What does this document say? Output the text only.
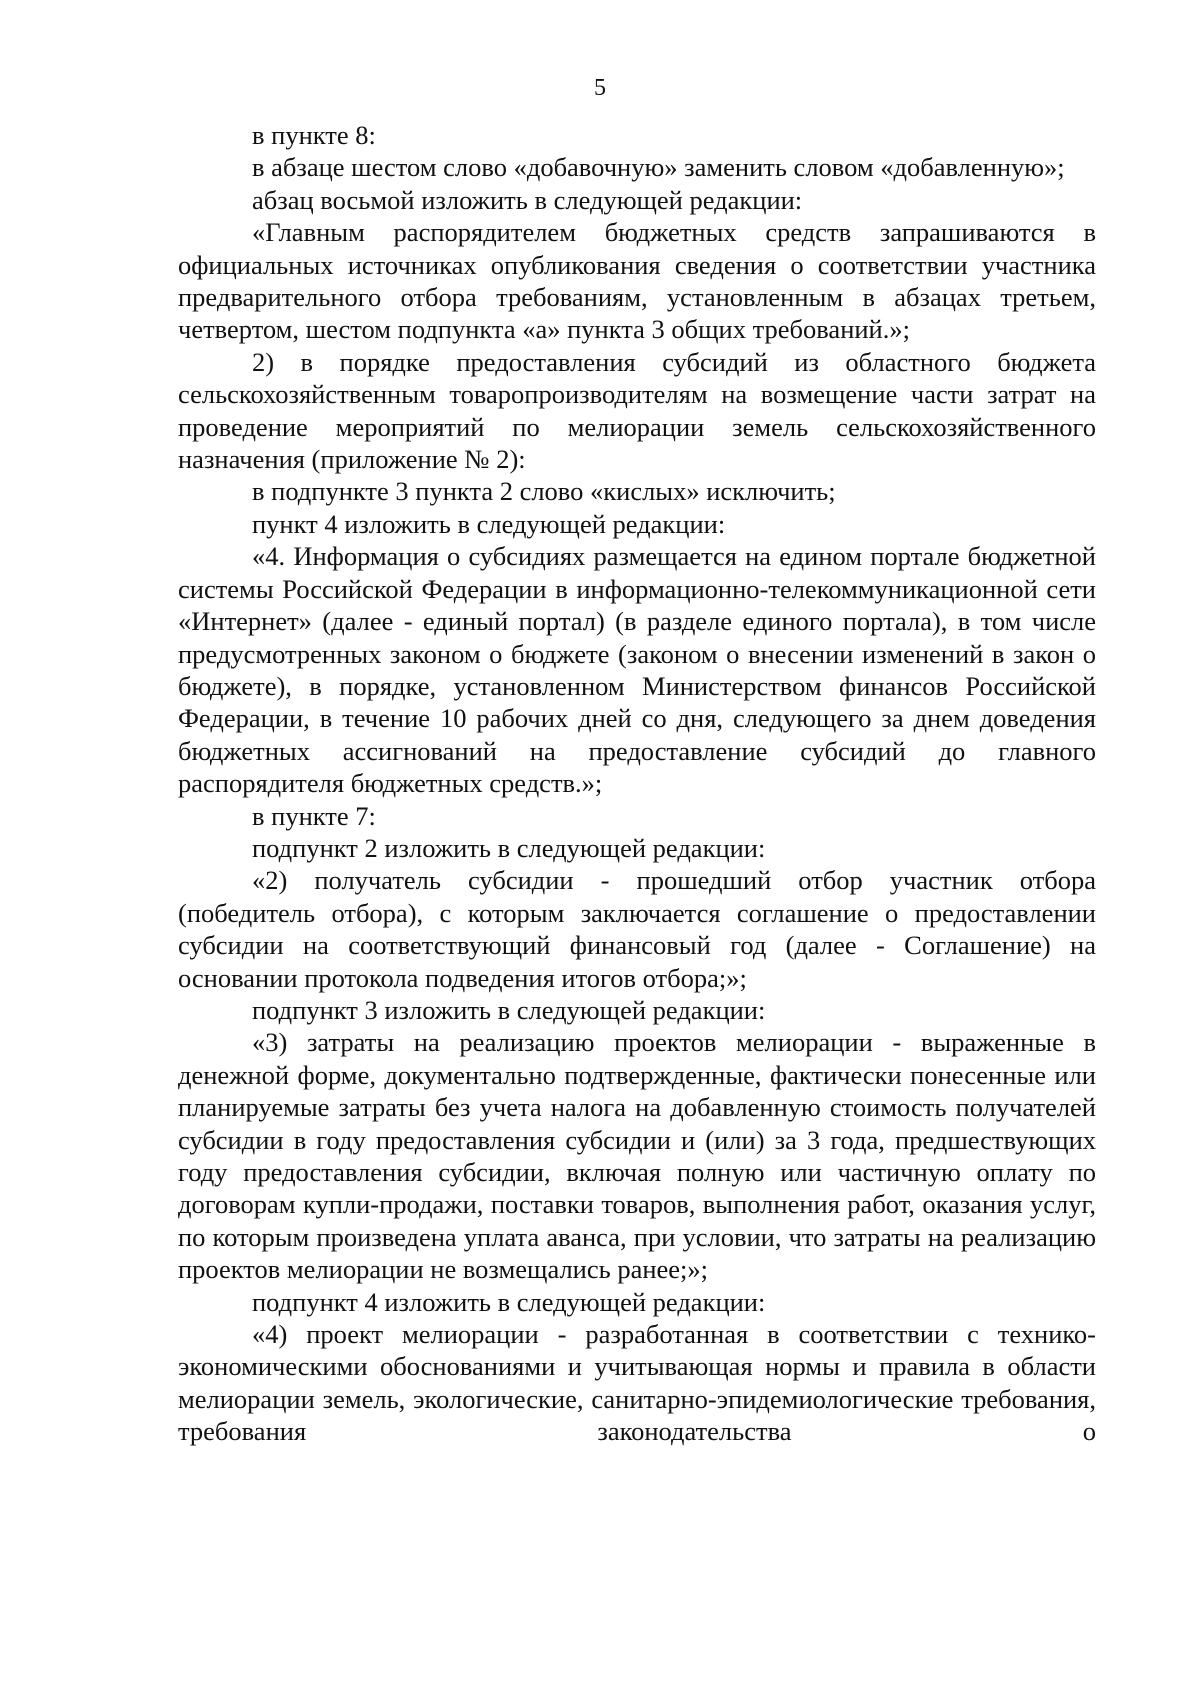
5

в пункте 8:

в абзаце шестом слово «добавочную» заменить словом «добавленную»;

абзац восьмой изложить в следующей редакции:

«Главным распорядителем бюджетных средств запрашиваются в официальных источниках опубликования сведения о соответствии участника предварительного отбора требованиям, установленным в абзацах третьем, четвертом, шестом подпункта «а» пункта 3 общих требований.»;

2) в порядке предоставления субсидий из областного бюджета сельскохозяйственным товаропроизводителям на возмещение части затрат на проведение мероприятий по мелиорации земель сельскохозяйственного назначения (приложение № 2):

в подпункте 3 пункта 2 слово «кислых» исключить;

пункт 4 изложить в следующей редакции:

«4. Информация о субсидиях размещается на едином портале бюджетной системы Российской Федерации в информационно-телекоммуникационной сети «Интернет» (далее - единый портал) (в разделе единого портала), в том числе предусмотренных законом о бюджете (законом о внесении изменений в закон о бюджете), в порядке, установленном Министерством финансов Российской Федерации, в течение 10 рабочих дней со дня, следующего за днем доведения бюджетных ассигнований на предоставление субсидий до главного распорядителя бюджетных средств.»;

в пункте 7:

подпункт 2 изложить в следующей редакции:

«2) получатель субсидии - прошедший отбор участник отбора (победитель отбора), с которым заключается соглашение о предоставлении субсидии на соответствующий финансовый год (далее - Соглашение) на основании протокола подведения итогов отбора;»;

подпункт 3 изложить в следующей редакции:

«3) затраты на реализацию проектов мелиорации - выраженные в денежной форме, документально подтвержденные, фактически понесенные или планируемые затраты без учета налога на добавленную стоимость получателей субсидии в году предоставления субсидии и (или) за 3 года, предшествующих году предоставления субсидии, включая полную или частичную оплату по договорам купли-продажи, поставки товаров, выполнения работ, оказания услуг, по которым произведена уплата аванса, при условии, что затраты на реализацию проектов мелиорации не возмещались ранее;»;

подпункт 4 изложить в следующей редакции:

«4) проект мелиорации - разработанная в соответствии с технико-экономическими обоснованиями и учитывающая нормы и правила в области мелиорации земель, экологические, санитарно-эпидемиологические требования, требования законодательства о
